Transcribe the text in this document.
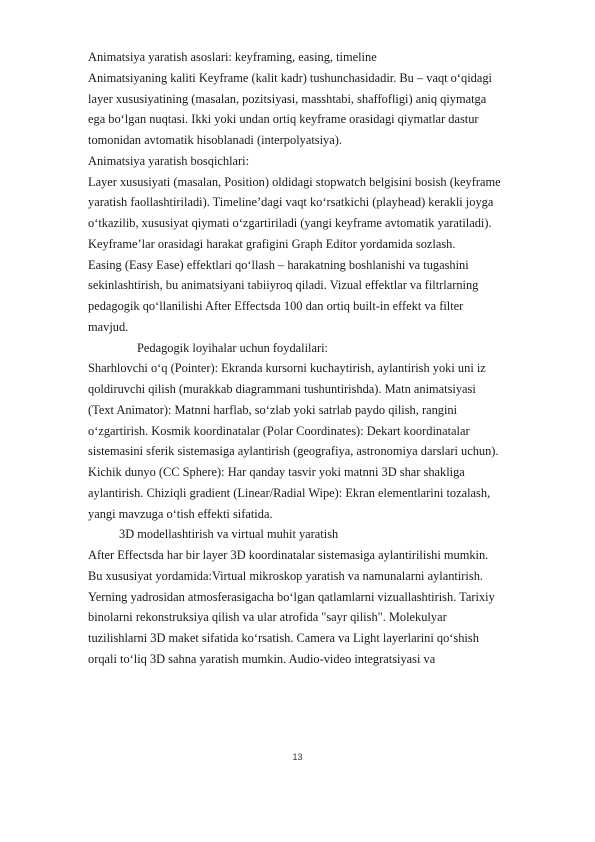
Animatsiya yaratish asoslari: keyframing, easing, timeline
Animatsiyaning kaliti Keyframe (kalit kadr) tushunchasidadir. Bu – vaqt o‘qidagi
layer xususiyatining (masalan, pozitsiyasi, masshtabi, shaffofligi) aniq qiymatga
ega bo‘lgan nuqtasi. Ikki yoki undan ortiq keyframe orasidagi qiymatlar dastur
tomonidan avtomatik hisoblanadi (interpolyatsiya).
Animatsiya yaratish bosqichlari:
Layer xususiyati (masalan, Position) oldidagi stopwatch belgisini bosish (keyframe
yaratish faollashtiriladi). Timeline’dagi vaqt ko‘rsatkichi (playhead) kerakli joyga
o‘tkazilib, xususiyat qiymati o‘zgartiriladi (yangi keyframe avtomatik yaratiladi).
Keyframe’lar orasidagi harakat grafigini Graph Editor yordamida sozlash.
Easing (Easy Ease) effektlari qo‘llash – harakatning boshlanishi va tugashini
sekinlashtirish, bu animatsiyani tabiiyroq qiladi. Vizual effektlar va filtrlarning
pedagogik qo‘llanilishi After Effectsda 100 dan ortiq built-in effekt va filter
mavjud.
Pedagogik loyihalar uchun foydalilari:
Sharhlovchi o‘q (Pointer): Ekranda kursorni kuchaytirish, aylantirish yoki uni iz
qoldiruvchi qilish (murakkab diagrammani tushuntirishda). Matn animatsiyasi
(Text Animator): Matnni harflab, so‘zlab yoki satrlab paydo qilish, rangini
o‘zgartirish. Kosmik koordinatalar (Polar Coordinates): Dekart koordinatalar
sistemasini sferik sistemasiga aylantirish (geografiya, astronomiya darslari uchun).
Kichik dunyo (CC Sphere): Har qanday tasvir yoki matnni 3D shar shakliga
aylantirish. Chiziqli gradient (Linear/Radial Wipe): Ekran elementlarini tozalash,
yangi mavzuga o‘tish effekti sifatida.
3D modellashtirish va virtual muhit yaratish
After Effectsda har bir layer 3D koordinatalar sistemasiga aylantirilishi mumkin.
Bu xususiyat yordamida:Virtual mikroskop yaratish va namunalarni aylantirish.
Yerning yadrosidan atmosferasigacha bo‘lgan qatlamlarni vizuallashtirish. Tarixiy
binolarni rekonstruksiya qilish va ular atrofida "sayr qilish". Molekulyar
tuzilishlarni 3D maket sifatida ko‘rsatish. Camera va Light layerlarini qo‘shish
orqali to‘liq 3D sahna yaratish mumkin. Audio-video integratsiyasi va
13
